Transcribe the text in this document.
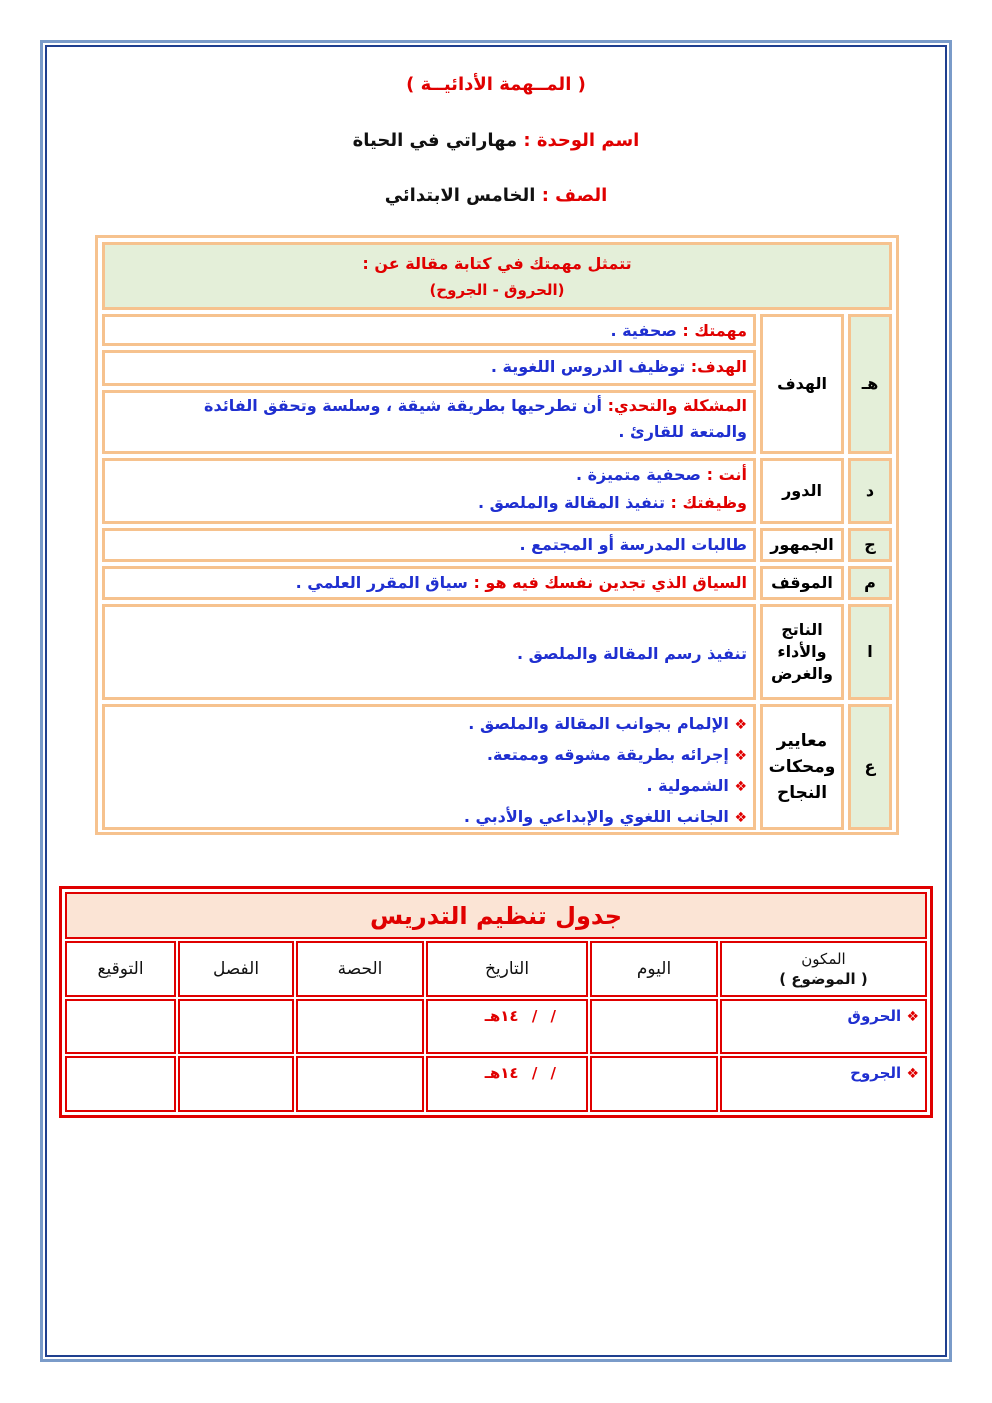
( المــهمة الأدائيــة )
اسم الوحدة : مهاراتي في الحياة
الصف : الخامس الابتدائي
تتمثل مهمتك في كتابة مقالة عن :
(الحروق - الجروح)
هـ
الهدف
مهمتك : صحفية .
الهدف: توظيف الدروس اللغوية .
المشكلة والتحدي: أن تطرحيها بطريقة شيقة ، وسلسة وتحقق الفائدة
والمتعة للقارئ .
د
الدور
أنت : صحفية متميزة .
وظيفتك : تنفيذ المقالة والملصق .
ج
الجمهور
طالبات المدرسة أو المجتمع .
م
الموقف
السياق الذي تجدين نفسك فيه هو : سياق المقرر العلمي .
ا
الناتج
والأداء
والغرض
تنفيذ رسم المقالة والملصق .
ع
معايير
ومحكات
النجاح
❖ الإلمام بجوانب المقالة والملصق .
❖ إجرائه بطريقة مشوقه وممتعة.
❖ الشمولية .
❖ الجانب اللغوي والإبداعي والأدبي .
جدول تنظيم التدريس
المكون
( الموضوع )
اليوم
التاريخ
الحصة
الفصل
التوقيع
❖ الحروق
/ / ١٤هـ
❖ الجروح
/ / ١٤هـ
